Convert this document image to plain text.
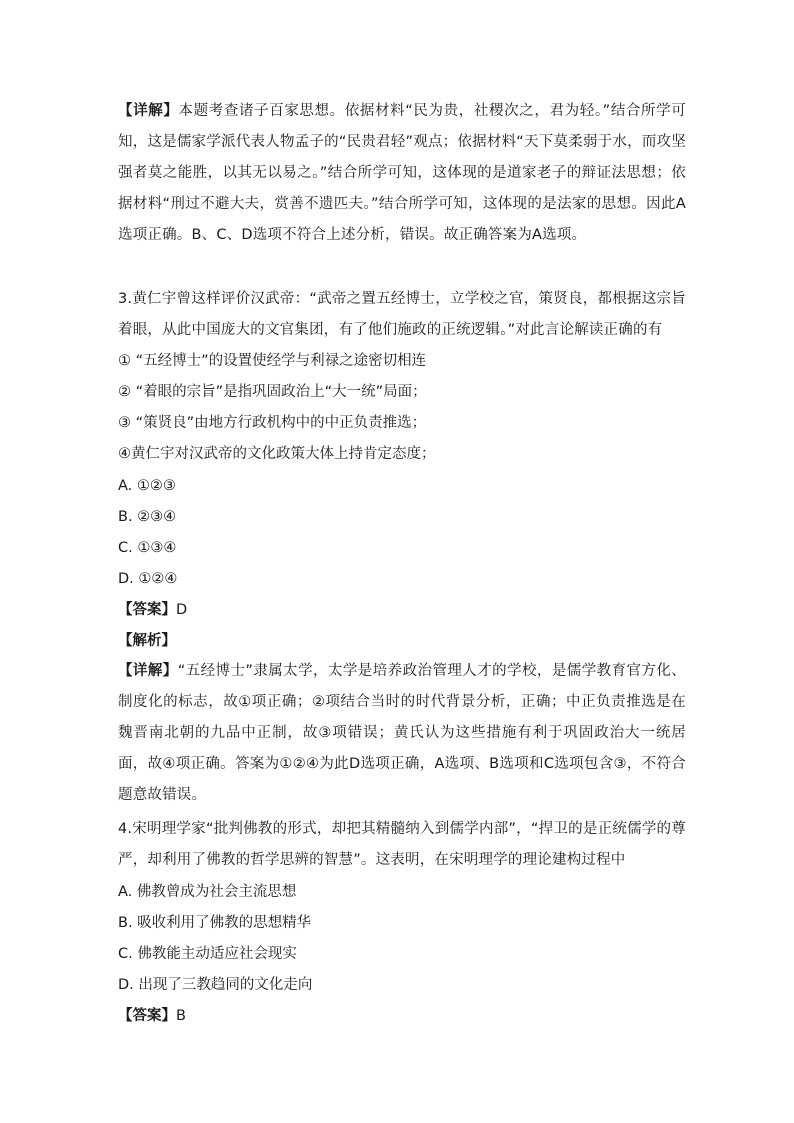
【详解】本题考查诸子百家思想。依据材料“民为贵，社稷次之，君为轻。”结合所学可知，这是儒家学派代表人物孟子的“民贵君轻”观点；依据材料“天下莫柔弱于水，而攻坚强者莫之能胜，以其无以易之。”结合所学可知，这体现的是道家老子的辩证法思想；依据材料“刑过不避大夫，赏善不遗匹夫。”结合所学可知，这体现的是法家的思想。因此A选项正确。B、C、D选项不符合上述分析，错误。故正确答案为A选项。
3.黄仁宇曾这样评价汉武帝：“武帝之置五经博士，立学校之官，策贤良，都根据这宗旨着眼，从此中国庞大的文官集团，有了他们施政的正统逻辑。”对此言论解读正确的有
① “五经博士”的设置使经学与利禄之途密切相连
② “着眼的宗旨”是指巩固政治上“大一统”局面；
③ “策贤良”由地方行政机构中的中正负责推选；
④黄仁宇对汉武帝的文化政策大体上持肯定态度；
A. ①②③
B. ②③④
C. ①③④
D. ①②④
【答案】D
【解析】
【详解】“五经博士”隶属太学，太学是培养政治管理人才的学校，是儒学教育官方化、制度化的标志，故①项正确；②项结合当时的时代背景分析，正确；中正负责推选是在魏晋南北朝的九品中正制，故③项错误；黄氏认为这些措施有利于巩固政治大一统居面，故④项正确。答案为①②④为此D选项正确，A选项、B选项和C选项包含③，不符合题意故错误。
4.宋明理学家“批判佛教的形式，却把其精髓纳入到儒学内部”，“捍卫的是正统儒学的尊严，却利用了佛教的哲学思辨的智慧”。这表明，在宋明理学的理论建构过程中
A. 佛教曾成为社会主流思想
B. 吸收利用了佛教的思想精华
C. 佛教能主动适应社会现实
D. 出现了三教趋同的文化走向
【答案】B
